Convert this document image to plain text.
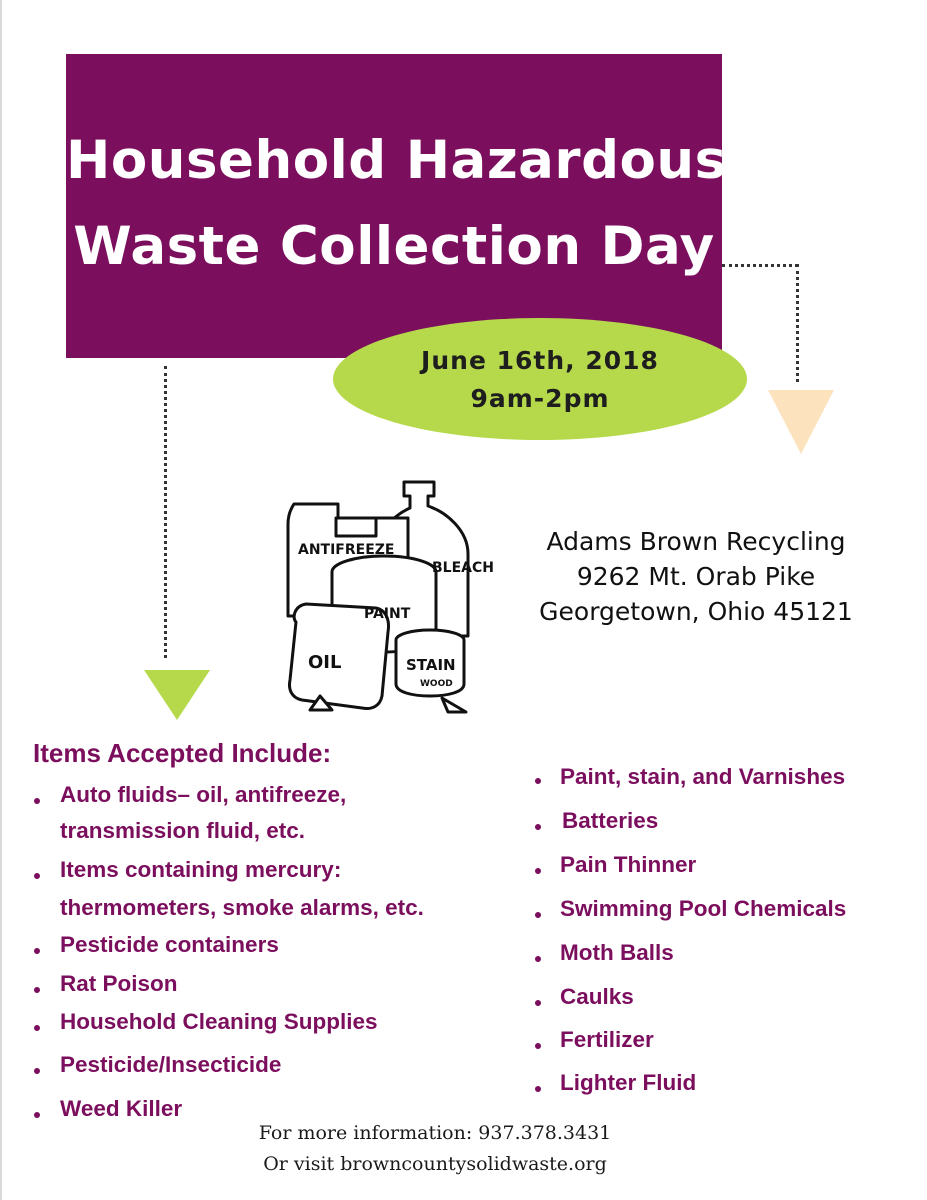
Household Hazardous
Waste Collection Day
June 16th, 2018
9am-2pm
ANTIFREEZE
BLEACH
PAINT
OIL	STAIN
WOOD
Adams Brown Recycling
9262 Mt. Orab Pike
Georgetown, Ohio 45121
Items Accepted Include:
Auto fluids– oil, antifreeze,
transmission fluid, etc.
Items containing mercury:
thermometers, smoke alarms, etc.
Pesticide containers
Rat Poison
Household Cleaning Supplies
Pesticide/Insecticide
Weed Killer
Paint, stain, and Varnishes
Batteries
Pain Thinner
Swimming Pool Chemicals
Moth Balls
Caulks
Fertilizer
Lighter Fluid
For more information: 937.378.3431
Or visit browncountysolidwaste.org
